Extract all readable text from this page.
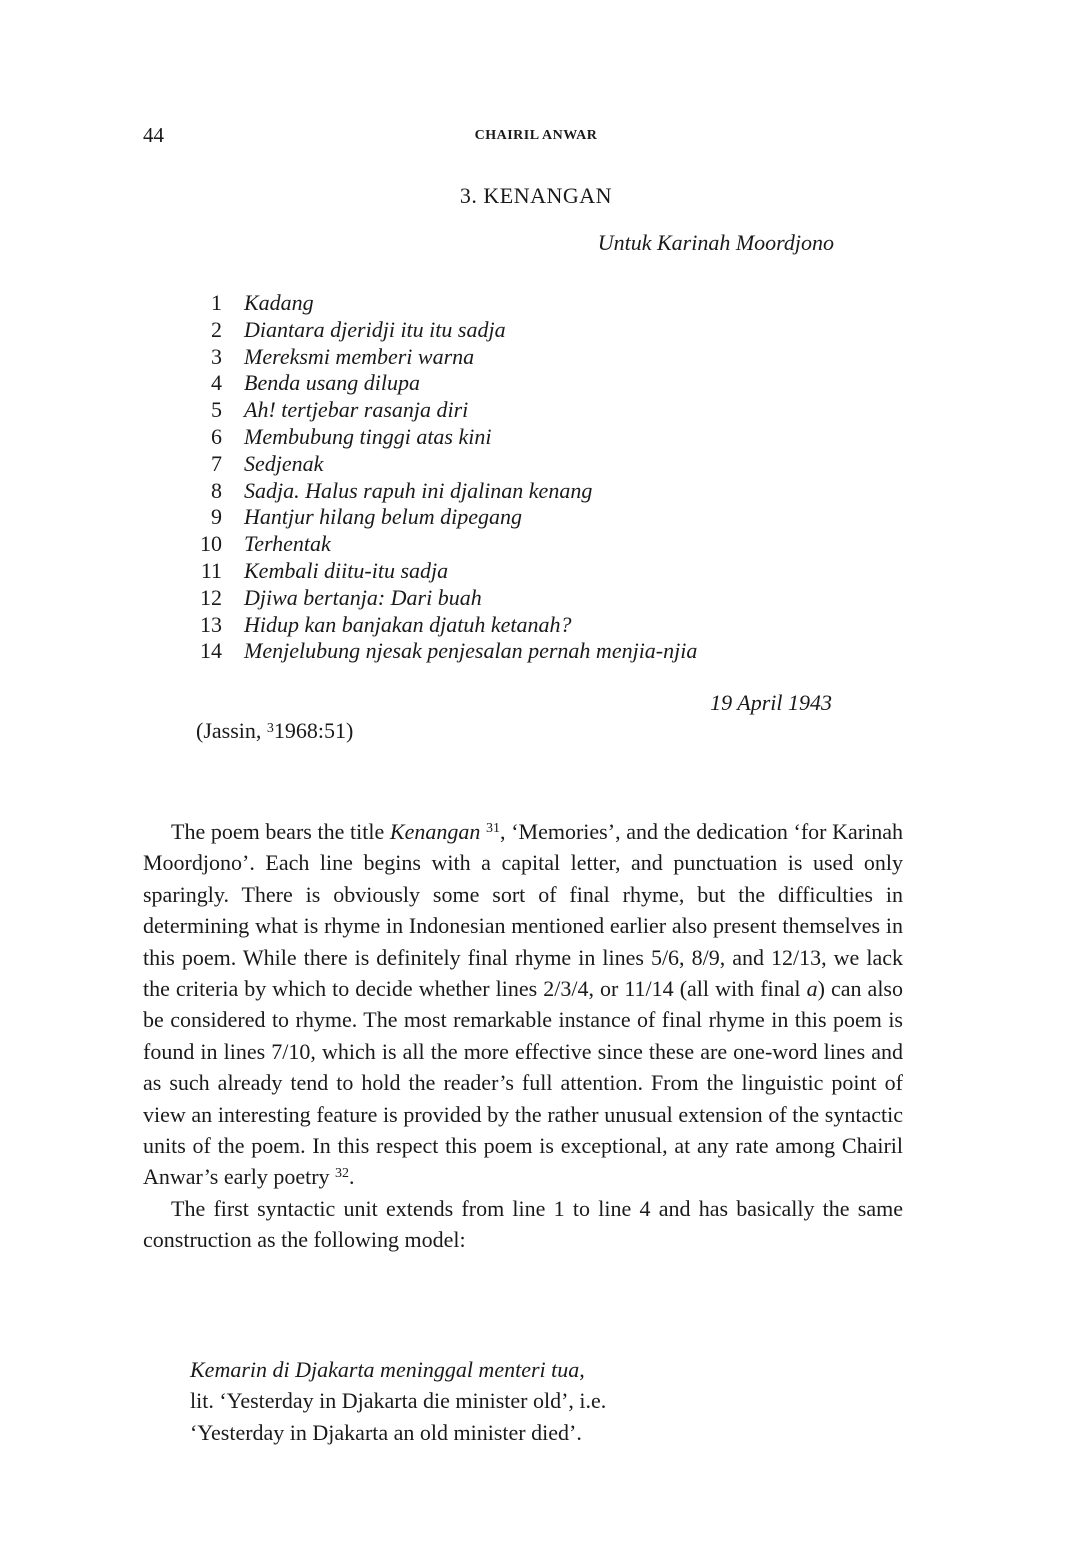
44	CHAIRIL ANWAR
3. KENANGAN
Untuk Karinah Moordjono
1 Kadang
2 Diantara djeridji itu itu sadja
3 Mereksmi memberi warna
4 Benda usang dilupa
5 Ah! tertjebar rasanja diri
6 Membubung tinggi atas kini
7 Sedjenak
8 Sadja. Halus rapuh ini djalinan kenang
9 Hantjur hilang belum dipegang
10 Terhentak
11 Kembali diitu-itu sadja
12 Djiwa bertanja: Dari buah
13 Hidup kan banjakan djatuh ketanah?
14 Menjelubung njesak penjesalan pernah menjia-njia
19 April 1943
(Jassin, $^3$1968:51)

The poem bears the title Kenangan $^{31}$, ‘Memories’, and the dedication ‘for Karinah Moordjono’. Each line begins with a capital letter, and punctuation is used only sparingly. There is obviously some sort of final rhyme, but the difficulties in determining what is rhyme in Indonesian mentioned earlier also present themselves in this poem. While there is definitely final rhyme in lines 5/6, 8/9, and 12/13, we lack the criteria by which to decide whether lines 2/3/4, or 11/14 (all with final a) can also be considered to rhyme. The most remarkable instance of final rhyme in this poem is found in lines 7/10, which is all the more effective since these are one-word lines and as such already tend to hold the reader’s full attention. From the linguistic point of view an interesting feature is provided by the rather unusual extension of the syntactic units of the poem. In this respect this poem is exceptional, at any rate among Chairil Anwar’s early poetry $^{32}$.

The first syntactic unit extends from line 1 to line 4 and has basically the same construction as the following model:

Kemarin di Djakarta meninggal menteri tua,
lit. ‘Yesterday in Djakarta die minister old’, i.e.
‘Yesterday in Djakarta an old minister died’.
